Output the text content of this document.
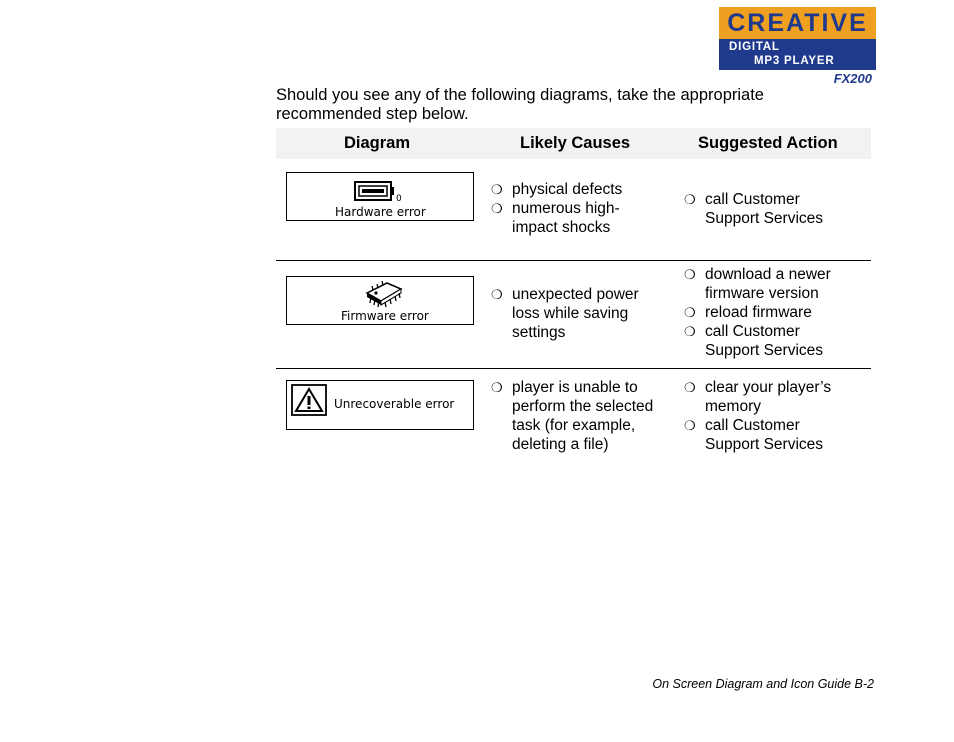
CREATIVE
DIGITAL
MP3 PLAYER
FX200
Should you see any of the following diagrams, take the appropriate recommended step below.
Diagram	Likely Causes	Suggested Action
0
Hardware error
❍ physical defects
❍ numerous high-impact shocks
❍ call Customer Support Services
Firmware error
❍ unexpected power loss while saving settings
❍ download a newer firmware version
❍ reload firmware
❍ call Customer Support Services
Unrecoverable error
❍ player is unable to perform the selected task (for example, deleting a file)
❍ clear your player’s memory
❍ call Customer Support Services
On Screen Diagram and Icon Guide B-2
